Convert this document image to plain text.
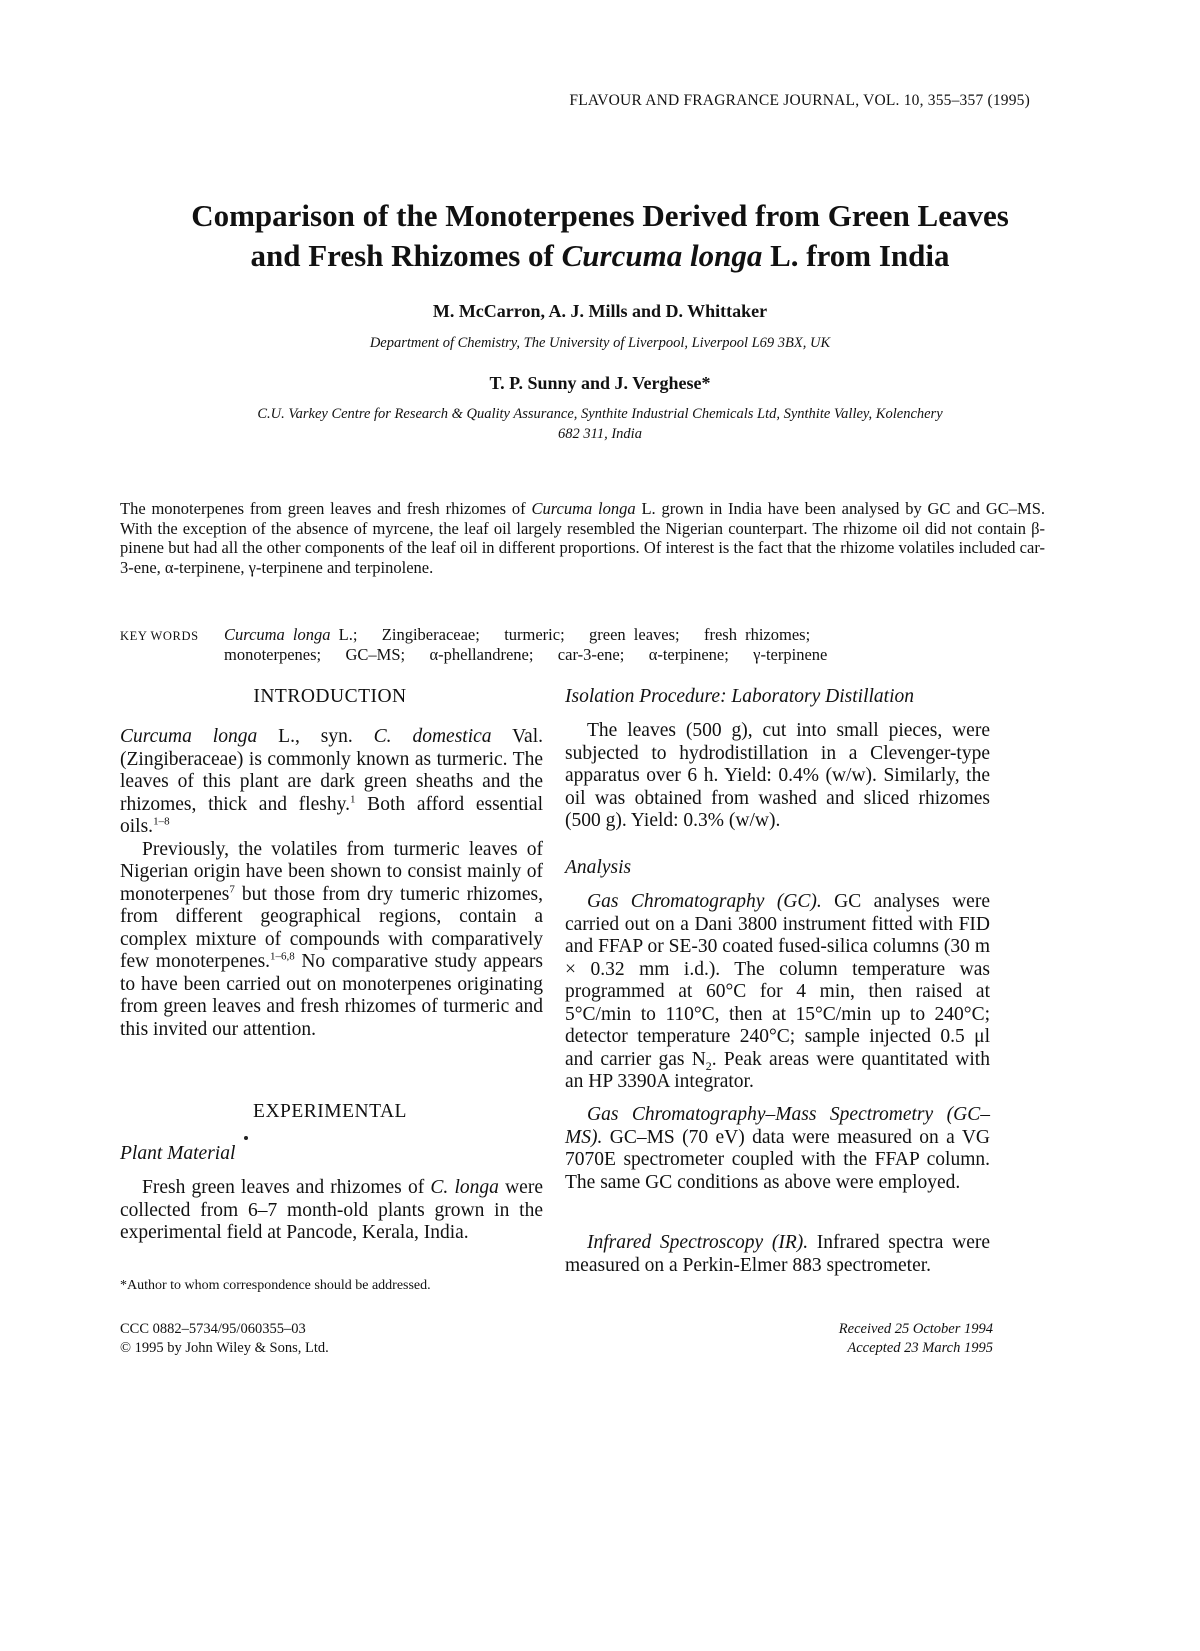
FLAVOUR AND FRAGRANCE JOURNAL, VOL. 10, 355–357 (1995)
Comparison of the Monoterpenes Derived from Green Leaves
and Fresh Rhizomes of Curcuma longa L. from India
M. McCarron, A. J. Mills and D. Whittaker
Department of Chemistry, The University of Liverpool, Liverpool L69 3BX, UK
T. P. Sunny and J. Verghese*
C.U. Varkey Centre for Research & Quality Assurance, Synthite Industrial Chemicals Ltd, Synthite Valley, Kolenchery
682 311, India
The monoterpenes from green leaves and fresh rhizomes of Curcuma longa L. grown in India have been analysed by GC and GC–MS. With the exception of the absence of myrcene, the leaf oil largely resembled the Nigerian counterpart. The rhizome oil did not contain β-pinene but had all the other components of the leaf oil in different proportions. Of interest is the fact that the rhizome volatiles included car-3-ene, α-terpinene, γ-terpinene and terpinolene.
KEY WORDS Curcuma longa L.;   Zingiberaceae;   turmeric;   green leaves;   fresh rhizomes;
monoterpenes;   GC–MS;   α-phellandrene;   car-3-ene;   α-terpinene;   γ-terpinene
INTRODUCTION

Curcuma longa L., syn. C. domestica Val. (Zingiberaceae) is commonly known as turmeric. The leaves of this plant are dark green sheaths and the rhizomes, thick and fleshy.$^1$ Both afford essential oils.$^{1-8}$

Previously, the volatiles from turmeric leaves of Nigerian origin have been shown to consist mainly of monoterpenes$^7$ but those from dry tumeric rhizomes, from different geographical regions, contain a complex mixture of compounds with comparatively few monoterpenes.$^{1-6,8}$ No comparative study appears to have been carried out on monoterpenes originating from green leaves and fresh rhizomes of turmeric and this invited our attention.

EXPERIMENTAL
Plant Material

Fresh green leaves and rhizomes of C. longa were collected from 6–7 month-old plants grown in the experimental field at Pancode, Kerala, India.

*Author to whom correspondence should be addressed.
CCC 0882–5734/95/060355–03
© 1995 by John Wiley & Sons, Ltd.
Isolation Procedure: Laboratory Distillation

The leaves (500 g), cut into small pieces, were subjected to hydrodistillation in a Clevenger-type apparatus over 6 h. Yield: 0.4% (w/w). Similarly, the oil was obtained from washed and sliced rhizomes (500 g). Yield: 0.3% (w/w).

Analysis

Gas Chromatography (GC). GC analyses were carried out on a Dani 3800 instrument fitted with FID and FFAP or SE-30 coated fused-silica columns (30 m × 0.32 mm i.d.). The column temperature was programmed at 60°C for 4 min, then raised at 5°C/min to 110°C, then at 15°C/min up to 240°C; detector temperature 240°C; sample injected 0.5 μl and carrier gas $N_2$. Peak areas were quantitated with an HP 3390A integrator.

Gas Chromatography–Mass Spectrometry (GC–MS). GC–MS (70 eV) data were measured on a VG 7070E spectrometer coupled with the FFAP column. The same GC conditions as above were employed.

Infrared Spectroscopy (IR). Infrared spectra were measured on a Perkin-Elmer 883 spectrometer.

Received 25 October 1994
Accepted 23 March 1995
